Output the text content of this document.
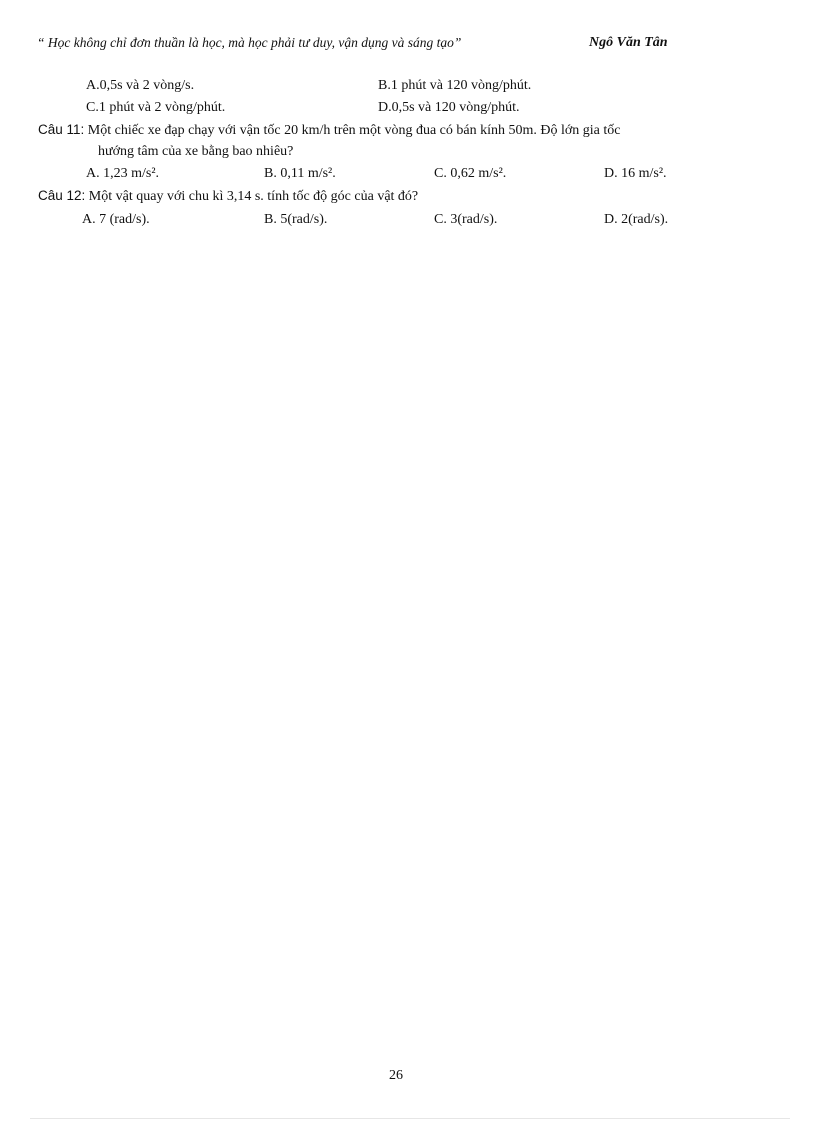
“ Học không chỉ đơn thuần là học, mà học phải tư duy, vận dụng và sáng tạo”	Ngô Văn Tân
A.0,5s và 2 vòng/s.	B.1 phút và 120 vòng/phút.
C.1 phút và 2 vòng/phút.	D.0,5s và 120 vòng/phút.
Câu 11: Một chiếc xe đạp chạy với vận tốc 20 km/h trên một vòng đua có bán kính 50m. Độ lớn gia tốc
hướng tâm của xe bằng bao nhiêu?
A. 1,23 m/s².	B. 0,11 m/s².	C. 0,62 m/s².	D. 16 m/s².
Câu 12: Một vật quay với chu kì 3,14 s. tính tốc độ góc của vật đó?
A. 7 (rad/s).	B. 5(rad/s).	C. 3(rad/s).	D. 2(rad/s).
26
